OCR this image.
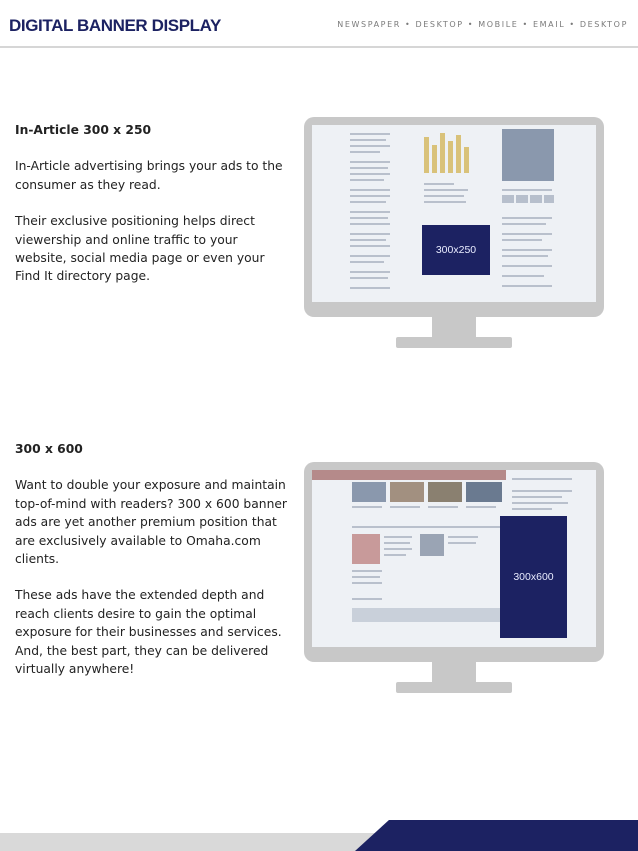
DIGITAL BANNER DISPLAY	NEWSPAPER • DESKTOP • MOBILE • EMAIL • DESKTOP
In-Article 300 x 250

In-Article advertising brings your ads to the consumer as they read.

Their exclusive positioning helps direct viewership and online traffic to your website, social media page or even your Find It directory page.

300x250
300 x 600

Want to double your exposure and maintain top-of-mind with readers? 300 x 600 banner ads are yet another premium position that are exclusively available to Omaha.com clients.

These ads have the extended depth and reach clients desire to gain the optimal exposure for their businesses and services. And, the best part, they can be delivered virtually anywhere!

300x600
